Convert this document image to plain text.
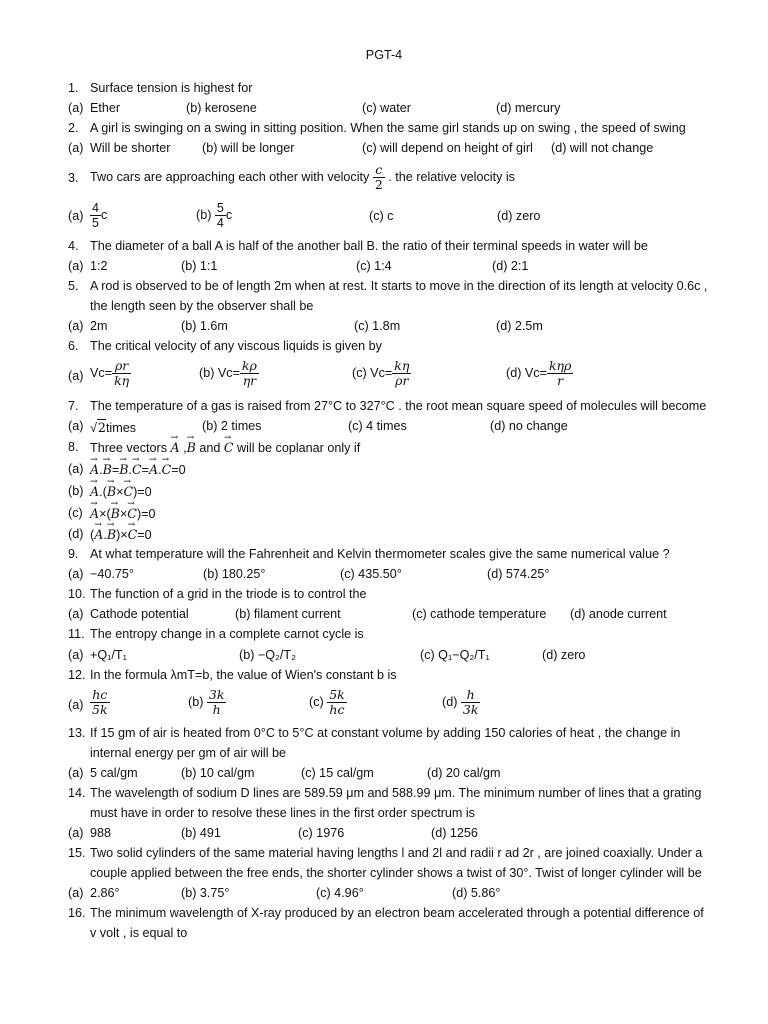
PGT-4
1. Surface tension is highest for
(a) Ether	(b) kerosene	(c) water	(d) mercury
2. A girl is swinging on a swing in sitting position. When the same girl stands up on swing , the speed of swing
(a) Will be shorter	(b) will be longer	(c) will depend on height of girl (d) will not change
3. Two cars are approaching each other with velocity $\frac{c}{2}$ . the relative velocity is
$(a) \frac{4}{5}$ c	$(b) \frac{5}{4}$ c	(c) c	(d) zero
4. The diameter of a ball A is half of the another ball B. the ratio of their terminal speeds in water will be
(a) 1:2	(b) 1:1	(c) 1:4	(d) 2:1
5. A rod is observed to be of length 2m when at rest. It starts to move in the direction of its length at velocity 0.6c ,
the length seen by the observer shall be
(a) 2m	(b) 1.6m	(c) 1.8m	(d) 2.5m
6. The critical velocity of any viscous liquids is given by
(a) $Vc= \frac{\rho r}{k\eta}$	(b) $Vc= \frac{k\rho}{\eta r}$	(c) $Vc= \frac{k\eta}{\rho r}$	(d) $Vc= \frac{\text{kηρ}}{r}$
7. The temperature of a gas is raised from 27°C to 327°C . the root mean square speed of molecules will become
(a) √2times	(b) 2 times	(c) 4 times	(d) no change
8. Three vectors → A ,→ B and → C will be coplanar only if
(a) → A.→ B=→ B.→ C=→ A.→ C=0
(b) → A.(→ B×→ C)=0
(c) → A×(→ B×→ C)=0
(d) (→ A.→ B)×→ C=0
9. At what temperature will the Fahrenheit and Kelvin thermometer scales give the same numerical value ?
(a) −40.75°	(b) 180.25°	(c) 435.50°	(d) 574.25°
10. The function of a grid in the triode is to control the
(a) Cathode potential	(b) filament current	(c) cathode temperature (d) anode current
11. The entropy change in a complete carnot cycle is
(a) +Q₁/T₁	(b) −Q₂/T₂	(c) Q₁−Q₂/T₁	(d) zero
12. In the formula λmT=b, the value of Wien's constant b is
$(a) \frac{hc}{5k}$	$(b) \frac{3k}{h}$	$(c) \frac{5k}{hc}$	$(d) \frac{h}{3k}$
13. If 15 gm of air is heated from 0°C to 5°C at constant volume by adding 150 calories of heat , the change in
internal energy per gm of air will be
(a) 5 cal/gm	(b) 10 cal/gm	(c) 15 cal/gm	(d) 20 cal/gm
14. The wavelength of sodium D lines are 589.59 μm and 588.99 μm. The minimum number of lines that a grating
must have in order to resolve these lines in the first order spectrum is
(a) 988	(b) 491	(c) 1976	(d) 1256
15. Two solid cylinders of the same material having lengths l and 2l and radii r ad 2r , are joined coaxially. Under a
couple applied between the free ends, the shorter cylinder shows a twist of 30°. Twist of longer cylinder will be
(a) 2.86°	(b) 3.75°	(c) 4.96°	(d) 5.86°
16. The minimum wavelength of X-ray produced by an electron beam accelerated through a potential difference of
v volt , is equal to
